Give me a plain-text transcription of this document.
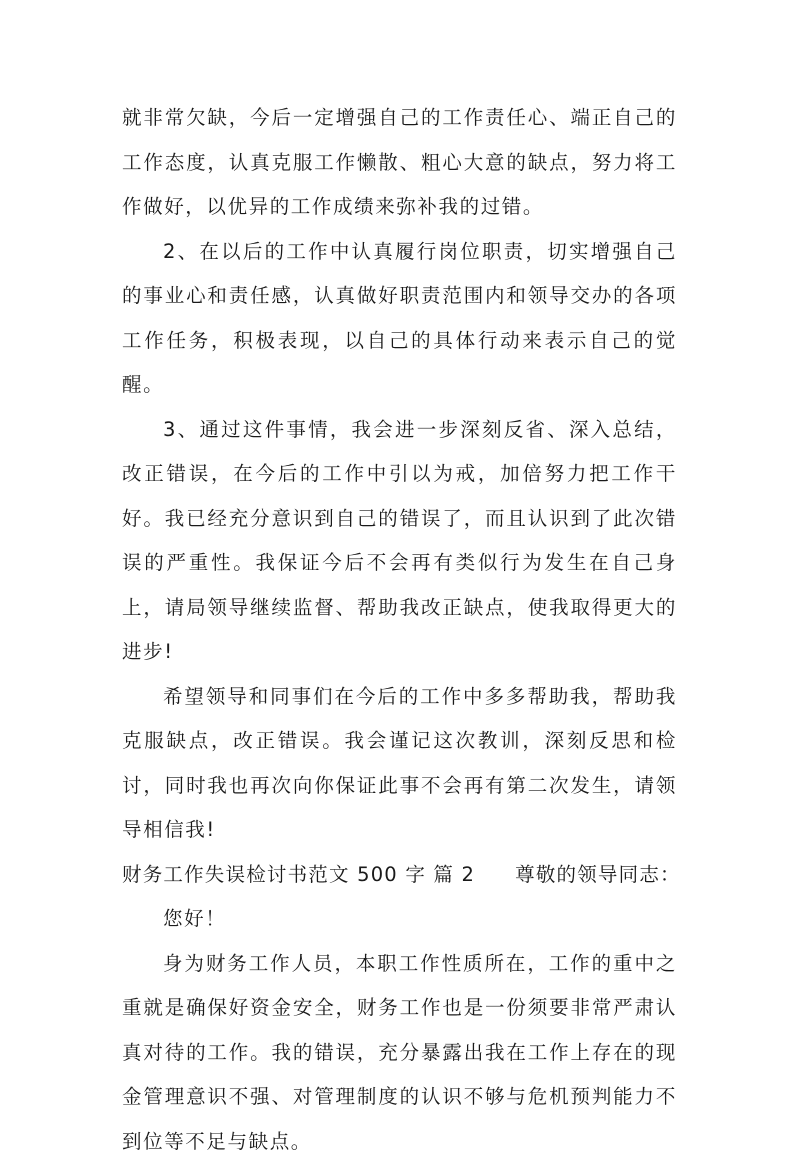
就非常欠缺，今后一定增强自己的工作责任心、端正自己的工作态度，认真克服工作懒散、粗心大意的缺点，努力将工作做好，以优异的工作成绩来弥补我的过错。

2、在以后的工作中认真履行岗位职责，切实增强自己的事业心和责任感，认真做好职责范围内和领导交办的各项工作任务，积极表现，以自己的具体行动来表示自己的觉醒。

3、通过这件事情，我会进一步深刻反省、深入总结，改正错误，在今后的工作中引以为戒，加倍努力把工作干好。我已经充分意识到自己的错误了，而且认识到了此次错误的严重性。我保证今后不会再有类似行为发生在自己身上，请局领导继续监督、帮助我改正缺点，使我取得更大的进步!

希望领导和同事们在今后的工作中多多帮助我，帮助我克服缺点，改正错误。我会谨记这次教训，深刻反思和检讨，同时我也再次向你保证此事不会再有第二次发生，请领导相信我!

财务工作失误检讨书范文 500 字 篇 2 尊敬的领导同志：

您好！

身为财务工作人员，本职工作性质所在，工作的重中之重就是确保好资金安全，财务工作也是一份须要非常严肃认真对待的工作。我的错误，充分暴露出我在工作上存在的现金管理意识不强、对管理制度的认识不够与危机预判能力不到位等不足与缺点。
